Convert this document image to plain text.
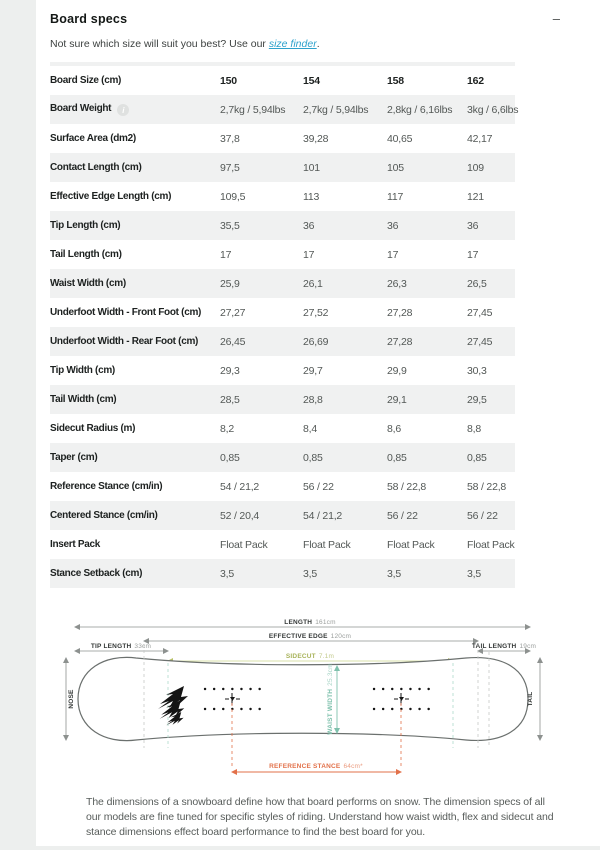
Board specs	–
Not sure which size will suit you best? Use our size finder.
Board Size (cm)	150	154	158	162
Board Weight i	2,7kg / 5,94lbs	2,7kg / 5,94lbs	2,8kg / 6,16lbs	3kg / 6,6lbs
Surface Area (dm2)	37,8	39,28	40,65	42,17
Contact Length (cm)	97,5	101	105	109
Effective Edge Length (cm)	109,5	113	117	121
Tip Length (cm)	35,5	36	36	36
Tail Length (cm)	17	17	17	17
Waist Width (cm)	25,9	26,1	26,3	26,5
Underfoot Width - Front Foot (cm)	27,27	27,52	27,28	27,45
Underfoot Width - Rear Foot (cm)	26,45	26,69	27,28	27,45
Tip Width (cm)	29,3	29,7	29,9	30,3
Tail Width (cm)	28,5	28,8	29,1	29,5
Sidecut Radius (m)	8,2	8,4	8,6	8,8
Taper (cm)	0,85	0,85	0,85	0,85
Reference Stance (cm/in)	54 / 21,2	56 / 22	58 / 22,8	58 / 22,8
Centered Stance (cm/in)	52 / 20,4	54 / 21,2	56 / 22	56 / 22
Insert Pack	Float Pack	Float Pack	Float Pack	Float Pack
Stance Setback (cm)	3,5	3,5	3,5	3,5
LENGTH 161cm
EFFECTIVE EDGE 120cm
TIP LENGTH 33cm	TAIL LENGTH 19cm
SIDECUT 7.1m
NOSE	TAIL
WAIST WIDTH25.3cm
REFERENCE STANCE 64cm*

The dimensions of a snowboard define how that board performs on snow. The dimension specs of all our models are fine tuned for specific styles of riding. Understand how waist width, flex and sidecut and stance dimensions effect board performance to find the best board for you.
